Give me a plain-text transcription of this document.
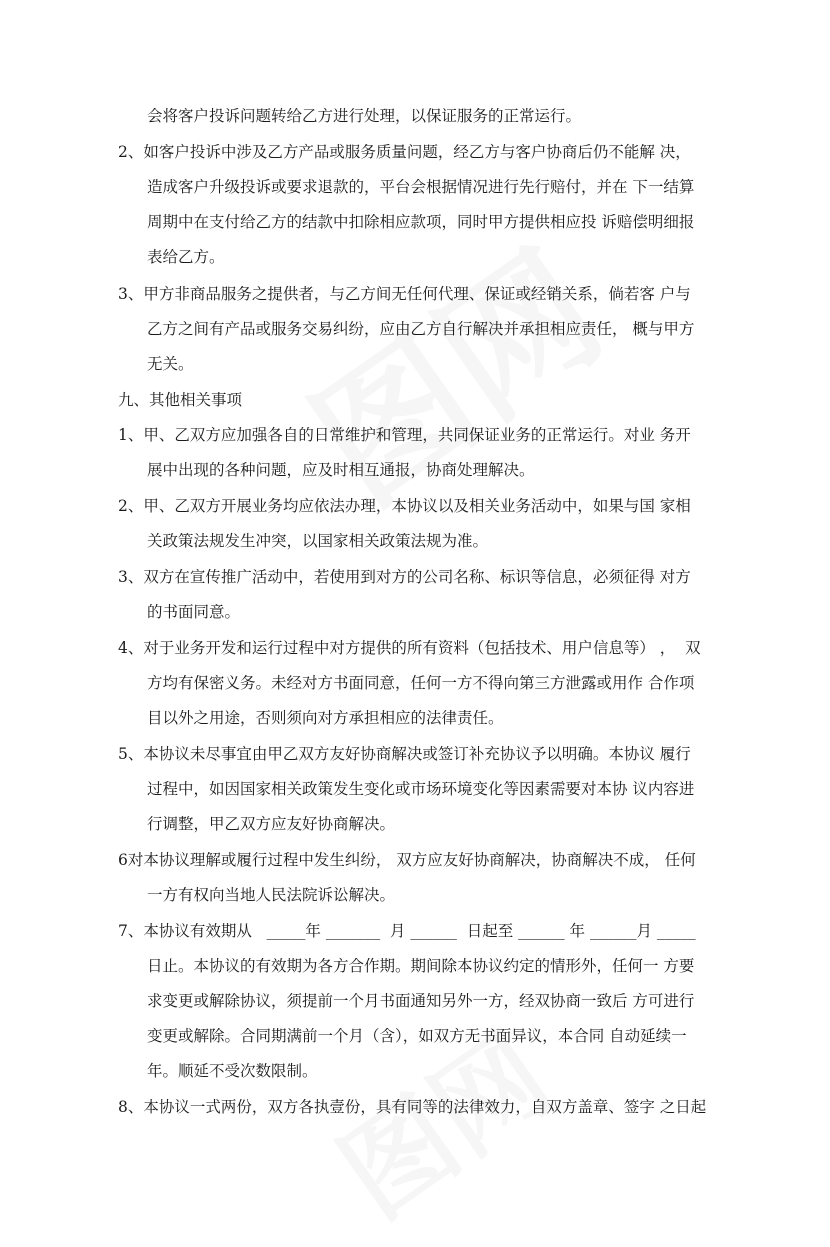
会将客户投诉问题转给乙方进行处理，以保证服务的正常运行。
2、如客户投诉中涉及乙方产品或服务质量问题，经乙方与客户协商后仍不能解 决，
造成客户升级投诉或要求退款的，平台会根据情况进行先行赔付，并在 下一结算
周期中在支付给乙方的结款中扣除相应款项，同时甲方提供相应投 诉赔偿明细报
表给乙方。
3、甲方非商品服务之提供者，与乙方间无任何代理、保证或经销关系，倘若客 户与
乙方之间有产品或服务交易纠纷，应由乙方自行解决并承担相应责任， 概与甲方
无关。
九、其他相关事项
1、甲、乙双方应加强各自的日常维护和管理，共同保证业务的正常运行。对业 务开
展中出现的各种问题，应及时相互通报，协商处理解决。
2、甲、乙双方开展业务均应依法办理，本协议以及相关业务活动中，如果与国 家相
关政策法规发生冲突，以国家相关政策法规为准。
3、双方在宣传推广活动中，若使用到对方的公司名称、标识等信息，必须征得 对方
的书面同意。
4、对于业务开发和运行过程中对方提供的所有资料（包括技术、用户信息等） ，  双
方均有保密义务。未经对方书面同意，任何一方不得向第三方泄露或用作 合作项
目以外之用途，否则须向对方承担相应的法律责任。
5、本协议未尽事宜由甲乙双方友好协商解决或签订补充协议予以明确。本协议 履行
过程中，如因国家相关政策发生变化或市场环境变化等因素需要对本协 议内容进
行调整，甲乙双方应友好协商解决。
6对本协议理解或履行过程中发生纠纷， 双方应友好协商解决，协商解决不成， 任何
一方有权向当地人民法院诉讼解决。
7、本协议有效期从   _____年 _______  月 ______  日起至 ______ 年 ______月 _____
日止。本协议的有效期为各方合作期。期间除本协议约定的情形外，任何一 方要
求变更或解除协议，须提前一个月书面通知另外一方，经双协商一致后 方可进行
变更或解除。合同期满前一个月（含），如双方无书面异议，本合同 自动延续一
年。顺延不受次数限制。
8、本协议一式两份，双方各执壹份，具有同等的法律效力，自双方盖章、签字 之日起
